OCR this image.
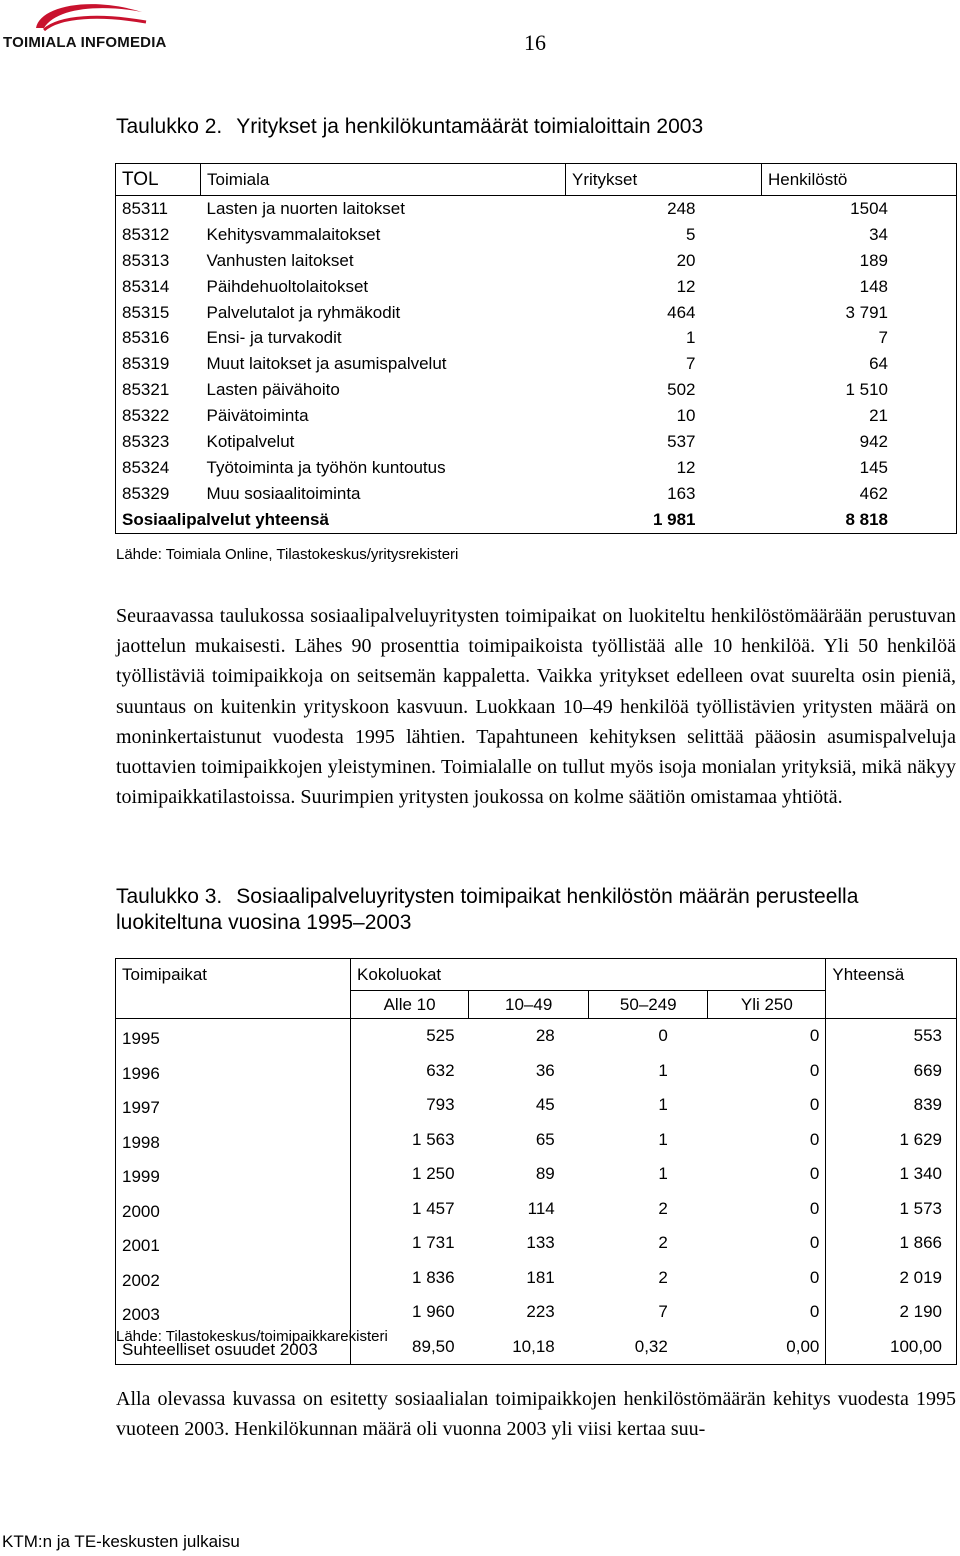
TOIMIALA INFOMEDIA	16
Taulukko 2. Yritykset ja henkilökuntamäärät toimialoittain 2003
TOL	Toimiala	Yritykset	Henkilöstö
85311	Lasten ja nuorten laitokset	248	1504
85312	Kehitysvammalaitokset	5	34
85313	Vanhusten laitokset	20	189
85314	Päihdehuoltolaitokset	12	148
85315	Palvelutalot ja ryhmäkodit	464	3 791
85316	Ensi- ja turvakodit	1	7
85319	Muut laitokset ja asumispalvelut	7	64
85321	Lasten päivähoito	502	1 510
85322	Päivätoiminta	10	21
85323	Kotipalvelut	537	942
85324	Työtoiminta ja työhön kuntoutus	12	145
85329	Muu sosiaalitoiminta	163	462
Sosiaalipalvelut yhteensä		1 981	8 818
Lähde: Toimiala Online, Tilastokeskus/yritysrekisteri
Seuraavassa taulukossa sosiaalipalveluyritysten toimipaikat on luokiteltu henkilöstömäärään perustuvan jaottelun mukaisesti. Lähes 90 prosenttia toimipaikoista työllistää alle 10 henkilöä. Yli 50 henkilöä työllistäviä toimipaikkoja on seitsemän kappaletta. Vaikka yritykset edelleen ovat suurelta osin pieniä, suuntaus on kuitenkin yrityskoon kasvuun. Luokkaan 10–49 henkilöä työllistävien yritysten määrä on moninkertaistunut vuodesta 1995 lähtien. Tapahtuneen kehityksen selittää pääosin asumispalveluja tuottavien toimipaikkojen yleistyminen. Toimialalle on tullut myös isoja monialan yrityksiä, mikä näkyy toimipaikkatilastoissa. Suurimpien yritysten joukossa on kolme säätiön omistamaa yhtiötä.
Taulukko 3. Sosiaalipalveluyritysten toimipaikat henkilöstön määrän perusteella luokiteltuna vuosina 1995–2003
Toimipaikat	Kokoluokat				Yhteensä
	Alle 10	10–49	50–249	Yli 250	
1995	525	28	0	0	553
1996	632	36	1	0	669
1997	793	45	1	0	839
1998	1 563	65	1	0	1 629
1999	1 250	89	1	0	1 340
2000	1 457	114	2	0	1 573
2001	1 731	133	2	0	1 866
2002	1 836	181	2	0	2 019
2003	1 960	223	7	0	2 190
Suhteelliset osuudet 2003	89,50	10,18	0,32	0,00	100,00
Lähde: Tilastokeskus/toimipaikkarekisteri
Alla olevassa kuvassa on esitetty sosiaalialan toimipaikkojen henkilöstömäärän kehitys vuodesta 1995 vuoteen 2003. Henkilökunnan määrä oli vuonna 2003 yli viisi kertaa suu-
KTM:n ja TE-keskusten julkaisu
